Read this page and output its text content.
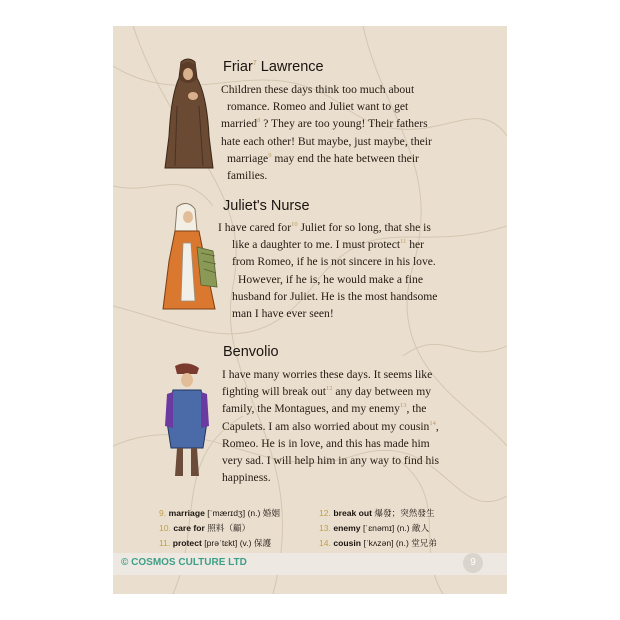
Friar$^7$ Lawrence
Children these days think too much about
romance. Romeo and Juliet want to get
married$^8$ ? They are too young! Their fathers
hate each other! But maybe, just maybe, their
marriage$^9$ may end the hate between their
families.
Juliet's Nurse
I have cared for$^{10}$ Juliet for so long, that she is
like a daughter to me. I must protect$^{11}$ her
from Romeo, if he is not sincere in his love.
However, if he is, he would make a fine
husband for Juliet. He is the most handsome
man I have ever seen!
Benvolio
I have many worries these days. It seems like
fighting will break out$^{12}$ any day between my
family, the Montagues, and my enemy$^{13}$, the
Capulets. I am also worried about my cousin$^{14}$,
Romeo. He is in love, and this has made him
very sad. I will help him in any way to find his
happiness.
9. marriage [ˈmærɪdʒ] (n.) 婚姻
10. care for 照料（顧）
11. protect [prəˈtɛkt] (v.) 保護
12. break out 爆發；突然發生
13. enemy [ˈɛnəmɪ] (n.) 敵人
14. cousin [ˈkʌzən] (n.) 堂兄弟
© COSMOS CULTURE LTD	9
